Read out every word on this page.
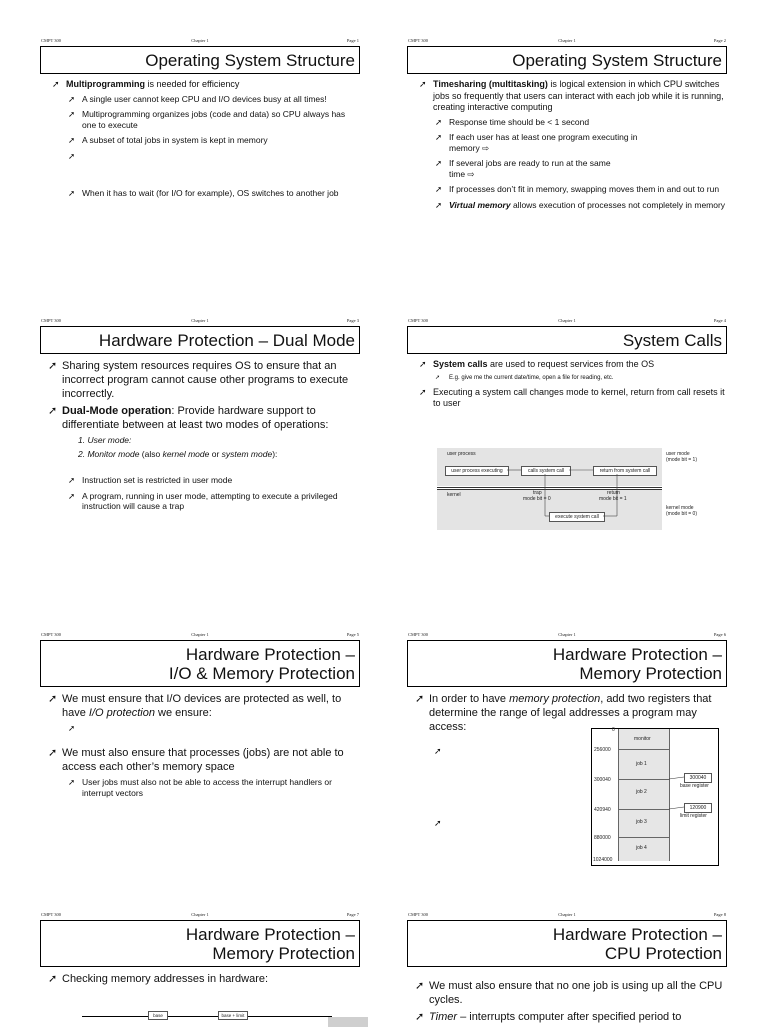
CMPT 300	Chapter 1	Page 1
Operating System Structure
➚ Multiprogramming is needed for efficiency
➚ A single user cannot keep CPU and I/O devices busy at all times!
➚ Multiprogramming organizes jobs (code and data) so CPU always has one to execute
➚ A subset of total jobs in system is kept in memory
➚
➚ When it has to wait (for I/O for example), OS switches to another job
CMPT 300	Chapter 1	Page 2
Operating System Structure
➚ Timesharing (multitasking) is logical extension in which CPU switches jobs so frequently that users can interact with each job while it is running, creating interactive computing
➚ Response time should be < 1 second
➚ If each user has at least one program executing in memory ⇨
➚ If several jobs are ready to run at the same time ⇨
➚ If processes don’t fit in memory, swapping moves them in and out to run
➚ Virtual memory allows execution of processes not completely in memory
CMPT 300	Chapter 1	Page 3
Hardware Protection – Dual Mode
➚ Sharing system resources requires OS to ensure that an incorrect program cannot cause other programs to execute incorrectly.
➚ Dual-Mode operation: Provide hardware support to differentiate between at least two modes of operations:
1. User mode:
2. Monitor mode (also kernel mode or system mode):
➚ Instruction set is restricted in user mode
➚ A program, running in user mode, attempting to execute a privileged instruction will cause a trap
CMPT 300	Chapter 1	Page 4
System Calls
➚ System calls are used to request services from the OS
➚ E.g. give me the current date/time, open a file for reading, etc.
➚ Executing a system call changes mode to kernel, return from call resets it to user
user process
user process executing	calls system call	return from system call
kernel	trap
mode bit = 0
return
mode bit = 1
execute system call
user mode
(mode bit = 1)
kernel mode
(mode bit = 0)
CMPT 300	Chapter 1	Page 5
Hardware Protection –
I/O & Memory Protection
➚ We must ensure that I/O devices are protected as well, to have I/O protection we ensure:
➚
➚ We must also ensure that processes (jobs) are not able to access each other’s memory space
➚ User jobs must also not be able to access the interrupt handlers or interrupt vectors
CMPT 300	Chapter 1	Page 6
Hardware Protection –
Memory Protection
➚ In order to have memory protection, add two registers that determine the range of legal addresses a program may access:
➚
➚
monitor
job 1
job 2
job 3
job 4
0
256000
300040
420940
880000
1024000
300040
base register
120900
limit register
CMPT 300	Chapter 1	Page 7
Hardware Protection –
Memory Protection
➚ Checking memory addresses in hardware:
base	base + limit
CMPT 300	Chapter 1	Page 8
Hardware Protection –
CPU Protection
➚ We must also ensure that no one job is using up all the CPU cycles.
➚ Timer – interrupts computer after specified period to
